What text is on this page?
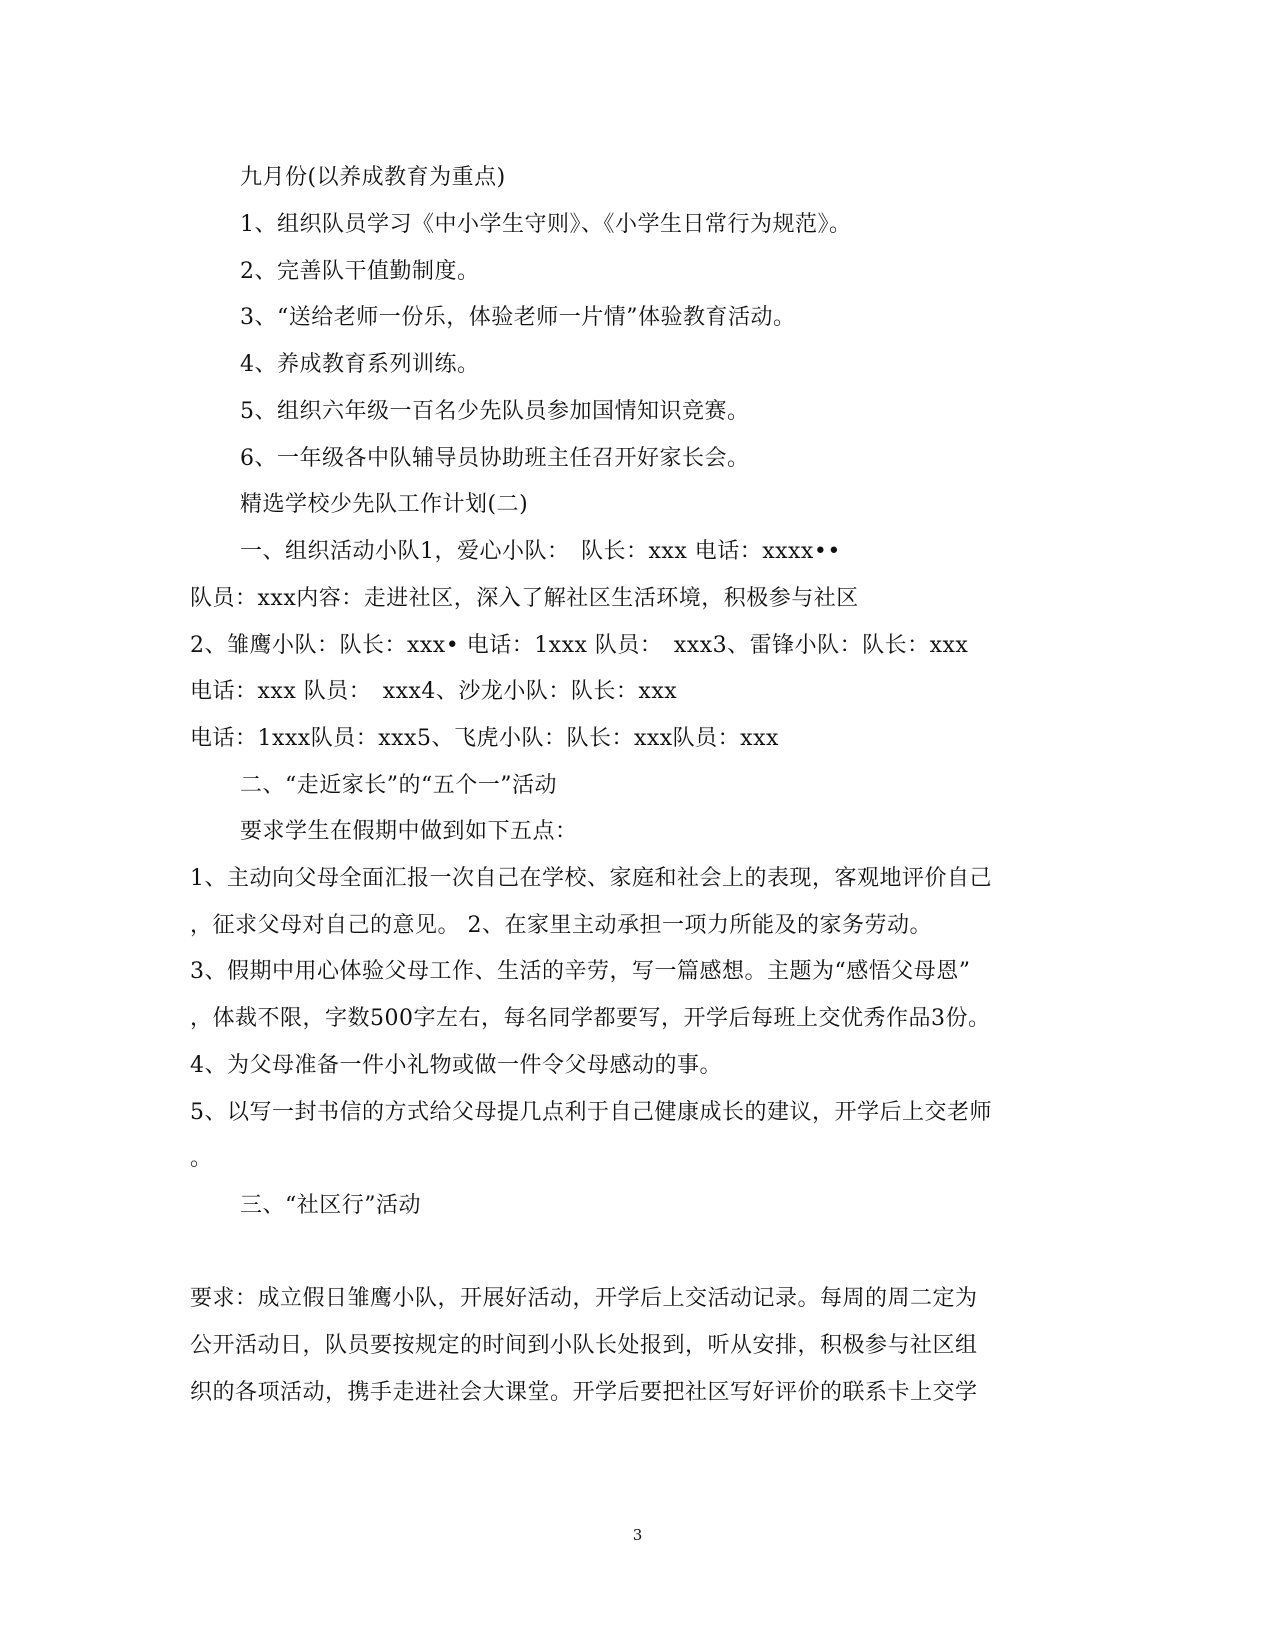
九月份(以养成教育为重点)
1、组织队员学习《中小学生守则》、《小学生日常行为规范》。
2、完善队干值勤制度。
3、“送给老师一份乐，体验老师一片情”体验教育活动。
4、养成教育系列训练。
5、组织六年级一百名少先队员参加国情知识竞赛。
6、一年级各中队辅导员协助班主任召开好家长会。
精选学校少先队工作计划(二)
一、组织活动小队1，爱心小队：　队长：xxx 电话：xxxx••
队员：xxx内容：走进社区，深入了解社区生活环境，积极参与社区
2、雏鹰小队：队长：xxx• 电话：1xxx 队员：　xxx3、雷锋小队：队长：xxx
电话：xxx 队员：　xxx4、沙龙小队：队长：xxx
电话：1xxx队员：xxx5、飞虎小队：队长：xxx队员：xxx
二、“走近家长”的“五个一”活动
要求学生在假期中做到如下五点：
1、主动向父母全面汇报一次自己在学校、家庭和社会上的表现，客观地评价自己
，征求父母对自己的意见。 2、在家里主动承担一项力所能及的家务劳动。
3、假期中用心体验父母工作、生活的辛劳，写一篇感想。主题为“感悟父母恩”
，体裁不限，字数500字左右，每名同学都要写，开学后每班上交优秀作品3份。
4、为父母准备一件小礼物或做一件令父母感动的事。
5、以写一封书信的方式给父母提几点利于自己健康成长的建议，开学后上交老师
。
三、“社区行”活动
要求：成立假日雏鹰小队，开展好活动，开学后上交活动记录。每周的周二定为
公开活动日，队员要按规定的时间到小队长处报到，听从安排，积极参与社区组
织的各项活动，携手走进社会大课堂。开学后要把社区写好评价的联系卡上交学
3
